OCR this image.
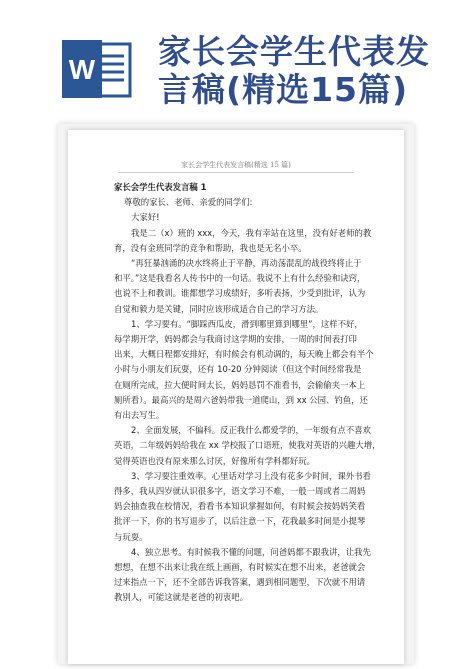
W 家长会学生代表发
言稿(精选15篇)
家长会学生代表发言稿(精选 15 篇)

家长会学生代表发言稿 1

尊敬的家长、老师、亲爱的同学们:

大家好!

我是二（x）班的 xxx，今天，我有幸站在这里，没有好老师的教

育，没有金班同学的竞争和帮助，我也是无名小卒。

“再狂暴汹涌的决水终将止于平静，再动荡混乱的战役终将止于

和平。”这是我看名人传书中的一句话。我说不上有什么经验和诀窍，

也说不上和教训。谁都想学习成绩好，多听表扬，少受到批评，认为

自觉和毅力是关键，同时应该形成适合自己的学习方法。

1、学习要有。“脚踩西瓜皮，滑到哪里算到哪里”，这样不好，

每学期开学，妈妈都会与我商讨这学期的安排，一周的时间表打印

出来，大概日程都安排好，有时候会有机动调的，每天晚上都会有半个

小时与小朋友们玩耍，还有 10-20 分钟阅读（但这个时间经常我是

在厕所完成，拉大便时间太长，妈妈恳罚不准看书，会偷偷夹一本上

厕所看）。最高兴的是周六爸妈带我一道爬山，到 xx 公园、钓鱼，还

有出去写生。

2、全面发展，不偏科。反正我什么都爱学的，一年级有点不喜欢

英语，二年级妈妈给我在 xx 学校报了口语班，使我对英语的兴趣大增，

觉得英语也没有原来那么讨厌，好像所有学科都好玩。

3、学习要注重效率。心里话对学习上没有花多少时间，课外书看

得多，我从四岁就认识很多字，语文学习不难，一般一周或者二周妈

妈会抽查我在校情况，看看书本知识掌握如何，有时候会按妈妈笑看

批评一下，你的书写退步了，以后注意一下，花我最多时间是小提琴

与玩耍。

4、独立思考。有时候我不懂的问题，问爸妈都不跟我讲，让我先

想想，在想不出来让我在纸上画画，有时候实在想不出来，老爸就会

过来指点一下，还不全部告诉我答案，遇到相同题型，下次就不用请

教别人，可能这就是老爸的初衷吧。
